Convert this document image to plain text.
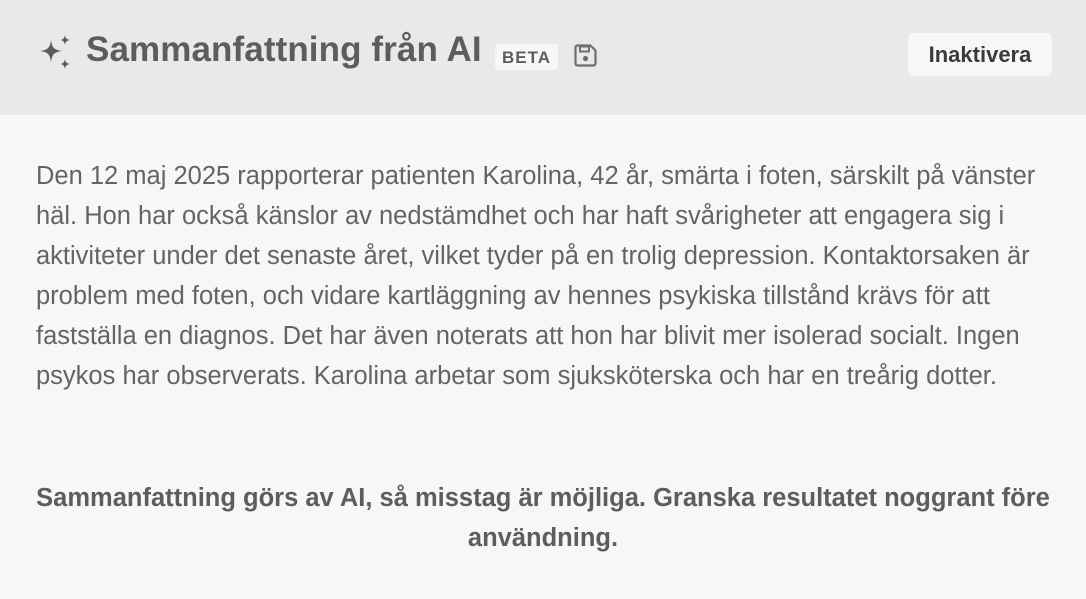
Sammanfattning från AI	BETA	Inaktivera

Den 12 maj 2025 rapporterar patienten Karolina, 42 år, smärta i foten, särskilt på vänster häl. Hon har också känslor av nedstämdhet och har haft svårigheter att engagera sig i aktiviteter under det senaste året, vilket tyder på en trolig depression. Kontaktorsaken är problem med foten, och vidare kartläggning av hennes psykiska tillstånd krävs för att fastställa en diagnos. Det har även noterats att hon har blivit mer isolerad socialt. Ingen psykos har observerats. Karolina arbetar som sjuksköterska och har en treårig dotter.

Sammanfattning görs av AI, så misstag är möjliga. Granska resultatet noggrant före användning.
